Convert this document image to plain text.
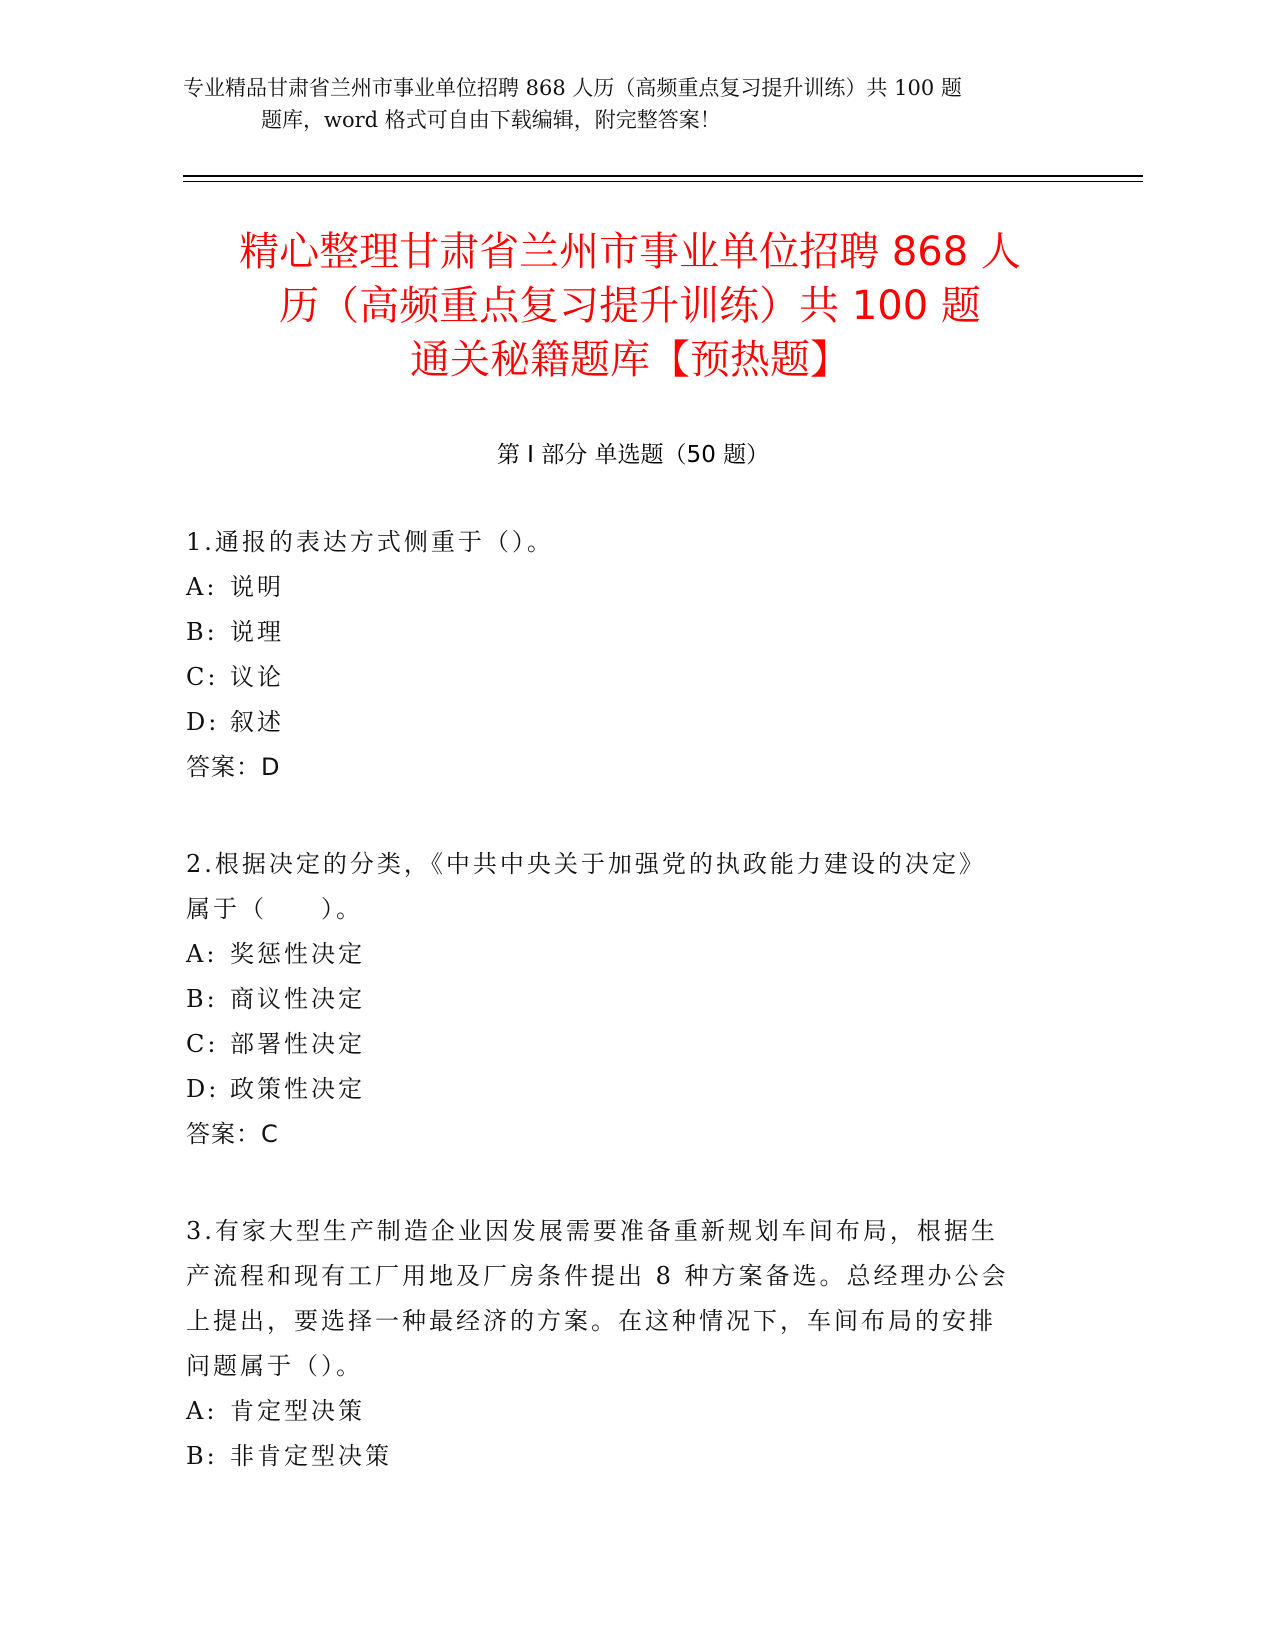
专业精品甘肃省兰州市事业单位招聘 868 人历（高频重点复习提升训练）共 100 题
题库，word 格式可自由下载编辑，附完整答案！
精心整理甘肃省兰州市事业单位招聘 868 人
历（高频重点复习提升训练）共 100 题
通关秘籍题库【预热题】
第 I 部分 单选题（50 题）

1.通报的表达方式侧重于（）。

A: 说明

B: 说理

C: 议论

D: 叙述

答案：D

2.根据决定的分类，《中共中央关于加强党的执政能力建设的决定》

属于（　　）。

A: 奖惩性决定

B: 商议性决定

C: 部署性决定

D: 政策性决定

答案：C

3.有家大型生产制造企业因发展需要准备重新规划车间布局，根据生

产流程和现有工厂用地及厂房条件提出 8 种方案备选。总经理办公会

上提出，要选择一种最经济的方案。在这种情况下，车间布局的安排

问题属于（）。

A: 肯定型决策

B: 非肯定型决策
